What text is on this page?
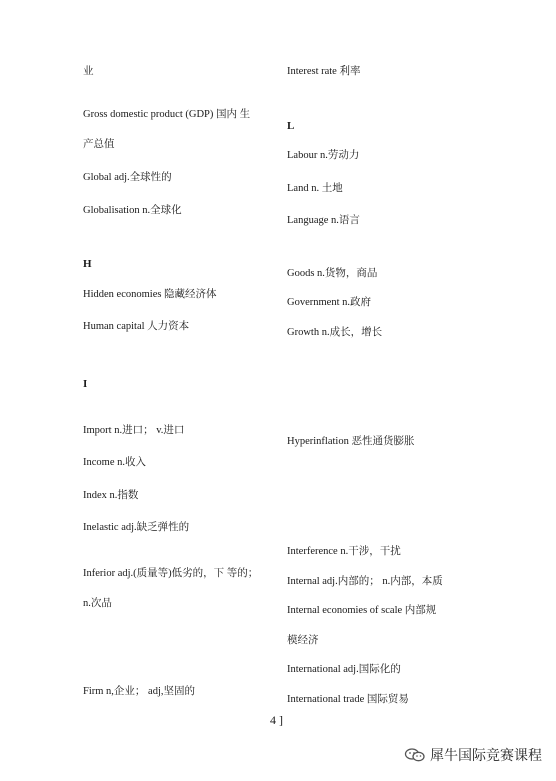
业
Gross domestic product (GDP) 国内 生
产总值
Global adj.全球性的
Globalisation n.全球化
H
Hidden economies 隐藏经济体
Human capital 人力资本
I
Import n.进口； v.进口
Income n.收入
Index n.指数
Inelastic adj.缺乏弹性的
Inferior adj.(质量等)低劣的，下 等的；
n.次品
Firm n,企业； adj,坚固的
Interest rate 利率
L
Labour n.劳动力
Land n. 土地
Language n.语言
Goods n.货物，商品
Government n.政府
Growth n.成长，增长
Hyperinflation 恶性通货膨胀
Interference n.干涉，干扰
Internal adj.内部的； n.内部，本质
Internal economies of scale 内部规
模经济
International adj.国际化的
International trade 国际贸易
4 ]
犀牛国际竞赛课程
